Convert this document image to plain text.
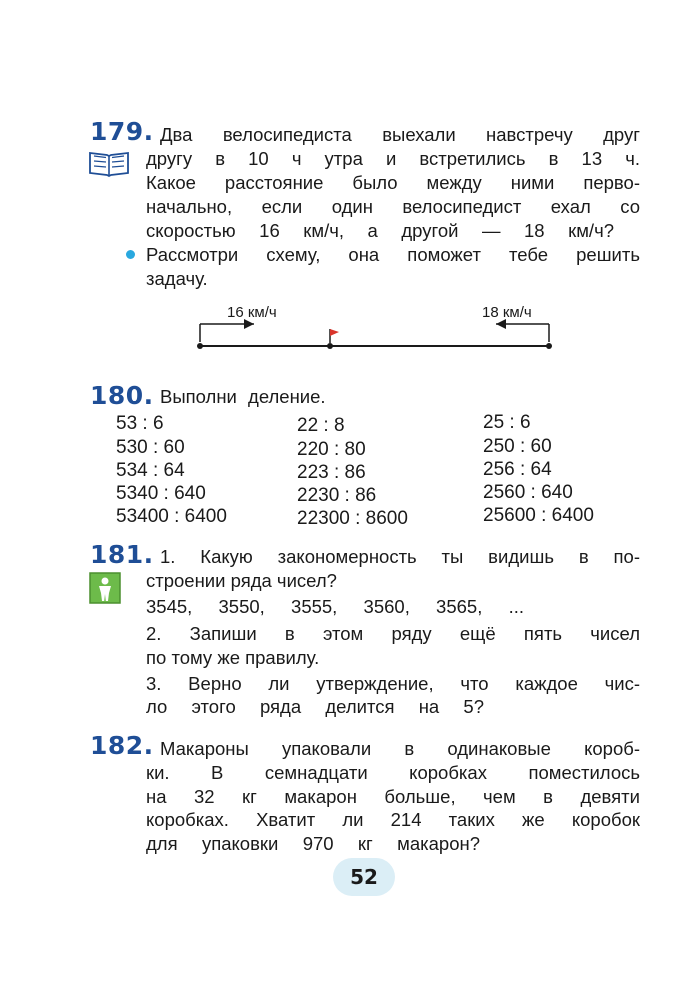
179. Два велосипедиста выехали навстречу друг
другу в 10 ч утра и встретились в 13 ч.
Какое расстояние было между ними перво-
начально, если один велосипедист ехал со
скоростью 16 км/ч, а другой — 18 км/ч?
Рассмотри схему, она поможет тебе решить
задачу.
16 км/ч	18 км/ч
180. Выполни деление.
53 : 6
530 : 60
534 : 64
5340 : 640
53400 : 6400
22 : 8
220 : 80
223 : 86
2230 : 86
22300 : 8600
25 : 6
250 : 60
256 : 64
2560 : 640
25600 : 6400
181. 1. Какую закономерность ты видишь в по-
строении ряда чисел?
3545, 3550, 3555, 3560, 3565, ...
2. Запиши в этом ряду ещё пять чисел
по тому же правилу.
3. Верно ли утверждение, что каждое чис-
ло этого ряда делится на 5?
182. Макароны упаковали в одинаковые короб-
ки. В семнадцати коробках поместилось
на 32 кг макарон больше, чем в девяти
коробках. Хватит ли 214 таких же коробок
для упаковки 970 кг макарон?
52
